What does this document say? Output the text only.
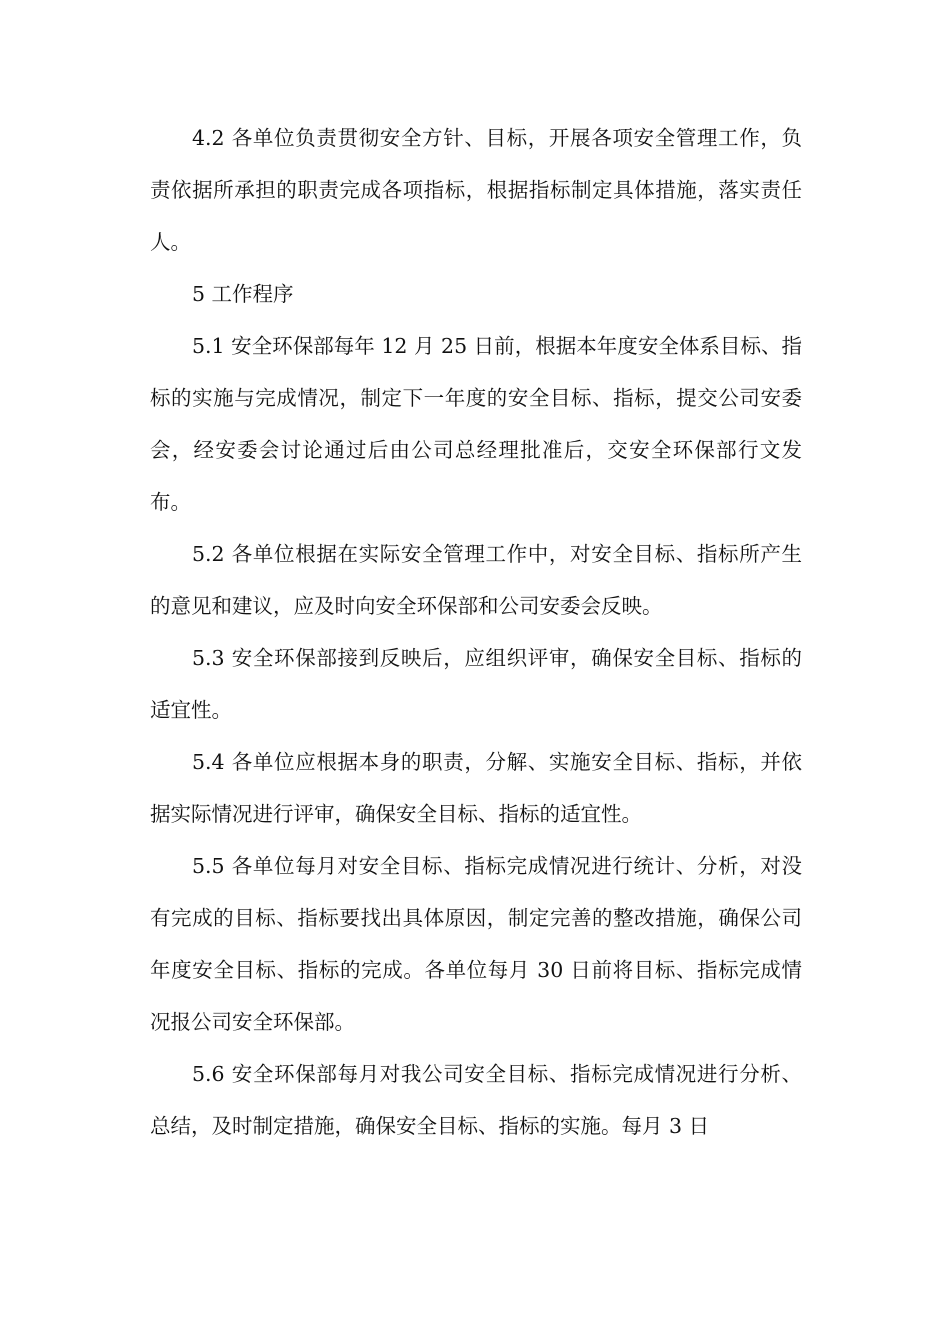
4.2 各单位负责贯彻安全方针、目标，开展各项安全管理工作，负责依据所承担的职责完成各项指标，根据指标制定具体措施，落实责任人。

5 工作程序

5.1 安全环保部每年 12 月 25 日前，根据本年度安全体系目标、指标的实施与完成情况，制定下一年度的安全目标、指标，提交公司安委会，经安委会讨论通过后由公司总经理批准后，交安全环保部行文发布。

5.2 各单位根据在实际安全管理工作中，对安全目标、指标所产生的意见和建议，应及时向安全环保部和公司安委会反映。

5.3 安全环保部接到反映后，应组织评审，确保安全目标、指标的适宜性。

5.4 各单位应根据本身的职责，分解、实施安全目标、指标，并依据实际情况进行评审，确保安全目标、指标的适宜性。

5.5 各单位每月对安全目标、指标完成情况进行统计、分析，对没有完成的目标、指标要找出具体原因，制定完善的整改措施，确保公司年度安全目标、指标的完成。各单位每月 30 日前将目标、指标完成情况报公司安全环保部。

5.6 安全环保部每月对我公司安全目标、指标完成情况进行分析、总结，及时制定措施，确保安全目标、指标的实施。每月 3 日
